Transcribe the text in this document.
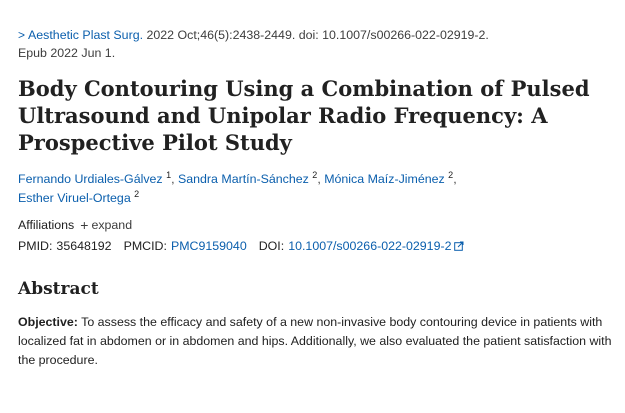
> Aesthetic Plast Surg. 2022 Oct;46(5):2438-2449. doi: 10.1007/s00266-022-02919-2.
Epub 2022 Jun 1.
Body Contouring Using a Combination of Pulsed Ultrasound and Unipolar Radio Frequency: A Prospective Pilot Study
Fernando Urdiales-Gálvez $^1$, Sandra Martín-Sánchez $^2$, Mónica Maíz-Jiménez $^2$,
Esther Viruel-Ortega $^2$
Affiliations + expand
PMID: 35648192 PMCID: PMC9159040 DOI: 10.1007/s00266-022-02919-2
Abstract

Objective: To assess the efficacy and safety of a new non-invasive body contouring device in patients with localized fat in abdomen or in abdomen and hips. Additionally, we also evaluated the patient satisfaction with the procedure.
